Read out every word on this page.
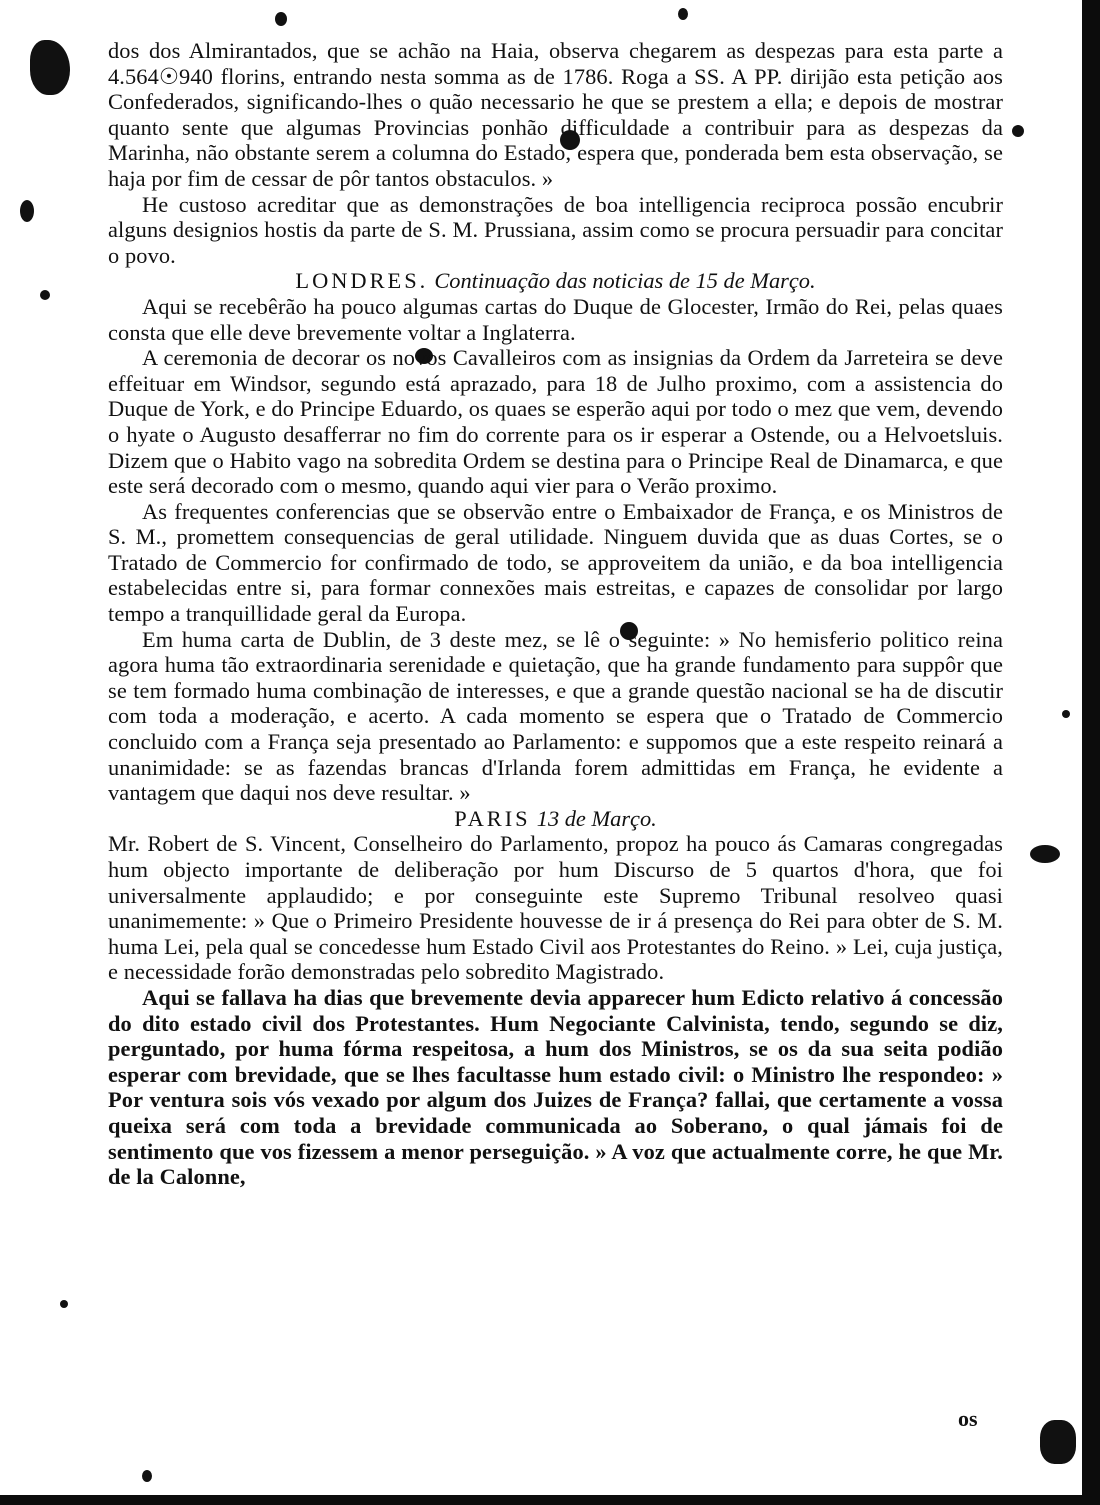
dos dos Almirantados, que se achão na Haia, observa chegarem as despezas para esta parte a 4.564☉940 florins, entrando nesta somma as de 1786. Roga a SS. A PP. dirijão esta petição aos Confederados, significando-lhes o quão necessario he que se prestem a ella; e depois de mostrar quanto sente que algumas Provincias ponhão difficuldade a contribuir para as despezas da Marinha, não obstante serem a columna do Estado, espera que, ponderada bem esta observação, se haja por fim de cessar de pôr tantos obstaculos. »

He custoso acreditar que as demonstrações de boa intelligencia reciproca possão encubrir alguns designios hostis da parte de S. M. Prussiana, assim como se procura persuadir para concitar o povo.

LONDRES. Continuação das noticias de 15 de Março.

Aqui se recebêrão ha pouco algumas cartas do Duque de Glocester, Irmão do Rei, pelas quaes consta que elle deve brevemente voltar a Inglaterra.

A ceremonia de decorar os novos Cavalleiros com as insignias da Ordem da Jarreteira se deve effeituar em Windsor, segundo está aprazado, para 18 de Julho proximo, com a assistencia do Duque de York, e do Principe Eduardo, os quaes se esperão aqui por todo o mez que vem, devendo o hyate o Augusto desafferrar no fim do corrente para os ir esperar a Ostende, ou a Helvoetsluis. Dizem que o Habito vago na sobredita Ordem se destina para o Principe Real de Dinamarca, e que este será decorado com o mesmo, quando aqui vier para o Verão proximo.

As frequentes conferencias que se observão entre o Embaixador de França, e os Ministros de S. M., promettem consequencias de geral utilidade. Ninguem duvida que as duas Cortes, se o Tratado de Commercio for confirmado de todo, se approveitem da união, e da boa intelligencia estabelecidas entre si, para formar connexões mais estreitas, e capazes de consolidar por largo tempo a tranquillidade geral da Europa.

Em huma carta de Dublin, de 3 deste mez, se lê o seguinte: » No hemisferio politico reina agora huma tão extraordinaria serenidade e quietação, que ha grande fundamento para suppôr que se tem formado huma combinação de interesses, e que a grande questão nacional se ha de discutir com toda a moderação, e acerto. A cada momento se espera que o Tratado de Commercio concluido com a França seja presentado ao Parlamento: e suppomos que a este respeito reinará a unanimidade: se as fazendas brancas d'Irlanda forem admittidas em França, he evidente a vantagem que daqui nos deve resultar. »

PARIS 13 de Março.

Mr. Robert de S. Vincent, Conselheiro do Parlamento, propoz ha pouco ás Camaras congregadas hum objecto importante de deliberação por hum Discurso de 5 quartos d'hora, que foi universalmente applaudido; e por conseguinte este Supremo Tribunal resolveo quasi unanimemente: » Que o Primeiro Presidente houvesse de ir á presença do Rei para obter de S. M. huma Lei, pela qual se concedesse hum Estado Civil aos Protestantes do Reino. » Lei, cuja justiça, e necessidade forão demonstradas pelo sobredito Magistrado.

Aqui se fallava ha dias que brevemente devia apparecer hum Edicto relativo á concessão do dito estado civil dos Protestantes. Hum Negociante Calvinista, tendo, segundo se diz, perguntado, por huma fórma respeitosa, a hum dos Ministros, se os da sua seita podião esperar com brevidade, que se lhes facultasse hum estado civil: o Ministro lhe respondeo: » Por ventura sois vós vexado por algum dos Juizes de França? fallai, que certamente a vossa queixa será com toda a brevidade communicada ao Soberano, o qual jámais foi de sentimento que vos fizessem a menor perseguição. » A voz que actualmente corre, he que Mr. de la Calonne,

os
